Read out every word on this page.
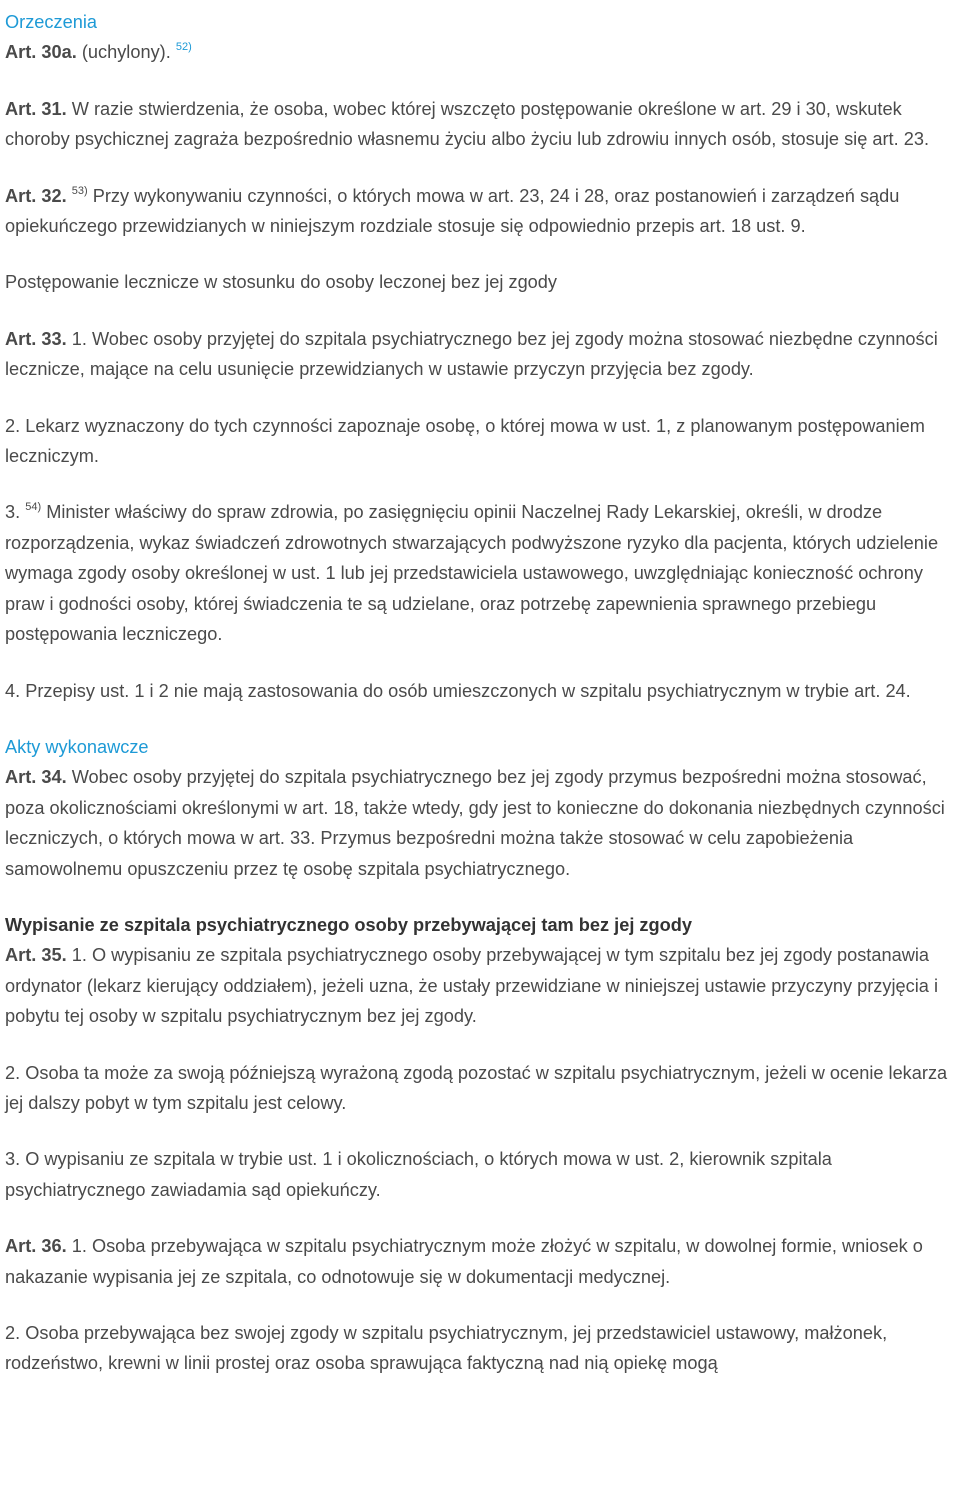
Orzeczenia

Art. 30a. (uchylony). $^{52)}$

Art. 31. W razie stwierdzenia, że osoba, wobec której wszczęto postępowanie określone w art. 29 i 30, wskutek choroby psychicznej zagraża bezpośrednio własnemu życiu albo życiu lub zdrowiu innych osób, stosuje się art. 23.

Art. 32. $^{53)}$ Przy wykonywaniu czynności, o których mowa w art. 23, 24 i 28, oraz postanowień i zarządzeń sądu opiekuńczego przewidzianych w niniejszym rozdziale stosuje się odpowiednio przepis art. 18 ust. 9.

Postępowanie lecznicze w stosunku do osoby leczonej bez jej zgody

Art. 33. 1. Wobec osoby przyjętej do szpitala psychiatrycznego bez jej zgody można stosować niezbędne czynności lecznicze, mające na celu usunięcie przewidzianych w ustawie przyczyn przyjęcia bez zgody.

2. Lekarz wyznaczony do tych czynności zapoznaje osobę, o której mowa w ust. 1, z planowanym postępowaniem leczniczym.

3. $^{54)}$ Minister właściwy do spraw zdrowia, po zasięgnięciu opinii Naczelnej Rady Lekarskiej, określi, w drodze rozporządzenia, wykaz świadczeń zdrowotnych stwarzających podwyższone ryzyko dla pacjenta, których udzielenie wymaga zgody osoby określonej w ust. 1 lub jej przedstawiciela ustawowego, uwzględniając konieczność ochrony praw i godności osoby, której świadczenia te są udzielane, oraz potrzebę zapewnienia sprawnego przebiegu postępowania leczniczego.

4. Przepisy ust. 1 i 2 nie mają zastosowania do osób umieszczonych w szpitalu psychiatrycznym w trybie art. 24.

Akty wykonawcze

Art. 34. Wobec osoby przyjętej do szpitala psychiatrycznego bez jej zgody przymus bezpośredni można stosować, poza okolicznościami określonymi w art. 18, także wtedy, gdy jest to konieczne do dokonania niezbędnych czynności leczniczych, o których mowa w art. 33. Przymus bezpośredni można także stosować w celu zapobieżenia samowolnemu opuszczeniu przez tę osobę szpitala psychiatrycznego.

Wypisanie ze szpitala psychiatrycznego osoby przebywającej tam bez jej zgody

Art. 35. 1. O wypisaniu ze szpitala psychiatrycznego osoby przebywającej w tym szpitalu bez jej zgody postanawia ordynator (lekarz kierujący oddziałem), jeżeli uzna, że ustały przewidziane w niniejszej ustawie przyczyny przyjęcia i pobytu tej osoby w szpitalu psychiatrycznym bez jej zgody.

2. Osoba ta może za swoją późniejszą wyrażoną zgodą pozostać w szpitalu psychiatrycznym, jeżeli w ocenie lekarza jej dalszy pobyt w tym szpitalu jest celowy.

3. O wypisaniu ze szpitala w trybie ust. 1 i okolicznościach, o których mowa w ust. 2, kierownik szpitala psychiatrycznego zawiadamia sąd opiekuńczy.

Art. 36. 1. Osoba przebywająca w szpitalu psychiatrycznym może złożyć w szpitalu, w dowolnej formie, wniosek o nakazanie wypisania jej ze szpitala, co odnotowuje się w dokumentacji medycznej.

2. Osoba przebywająca bez swojej zgody w szpitalu psychiatrycznym, jej przedstawiciel ustawowy, małżonek, rodzeństwo, krewni w linii prostej oraz osoba sprawująca faktyczną nad nią opiekę mogą
